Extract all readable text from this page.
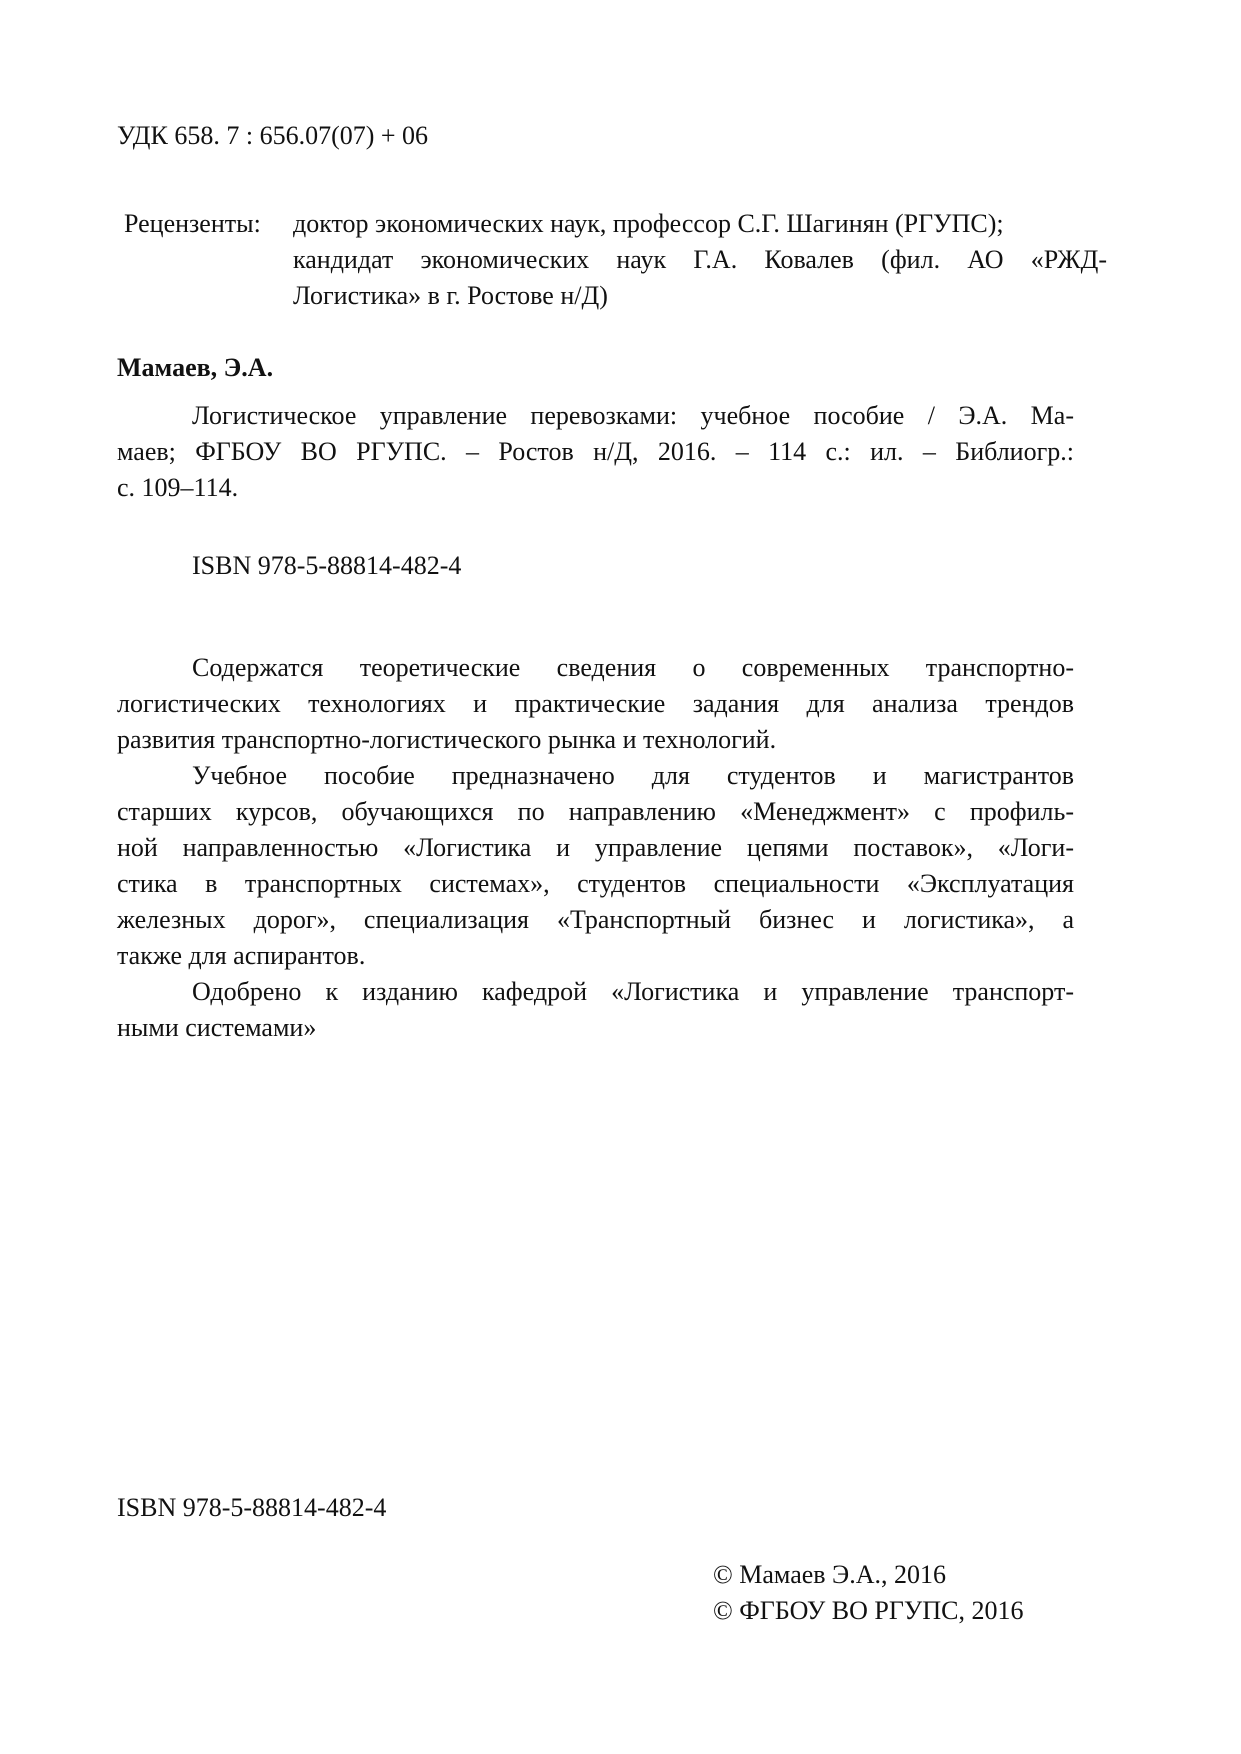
УДК 658. 7 : 656.07(07) + 06
Рецензенты: доктор экономических наук, профессор С.Г. Шагинян (РГУПС);
кандидат экономических наук Г.А. Ковалев (фил. АО «РЖД-
Логистика» в г. Ростове н/Д)
Мамаев, Э.А.
Логистическое управление перевозками: учебное пособие / Э.А. Ма-
маев; ФГБОУ ВО РГУПС. – Ростов н/Д, 2016. – 114 с.: ил. – Библиогр.:
с. 109–114.
ISBN 978-5-88814-482-4
Содержатся теоретические сведения о современных транспортно-
логистических технологиях и практические задания для анализа трендов
развития транспортно-логистического рынка и технологий.
Учебное пособие предназначено для студентов и магистрантов
старших курсов, обучающихся по направлению «Менеджмент» с профиль-
ной направленностью «Логистика и управление цепями поставок», «Логи-
стика в транспортных системах», студентов специальности «Эксплуатация
железных дорог», специализация «Транспортный бизнес и логистика», а
также для аспирантов.
Одобрено к изданию кафедрой «Логистика и управление транспорт-
ными системами»
ISBN 978-5-88814-482-4
© Мамаев Э.А., 2016
© ФГБОУ ВО РГУПС, 2016
